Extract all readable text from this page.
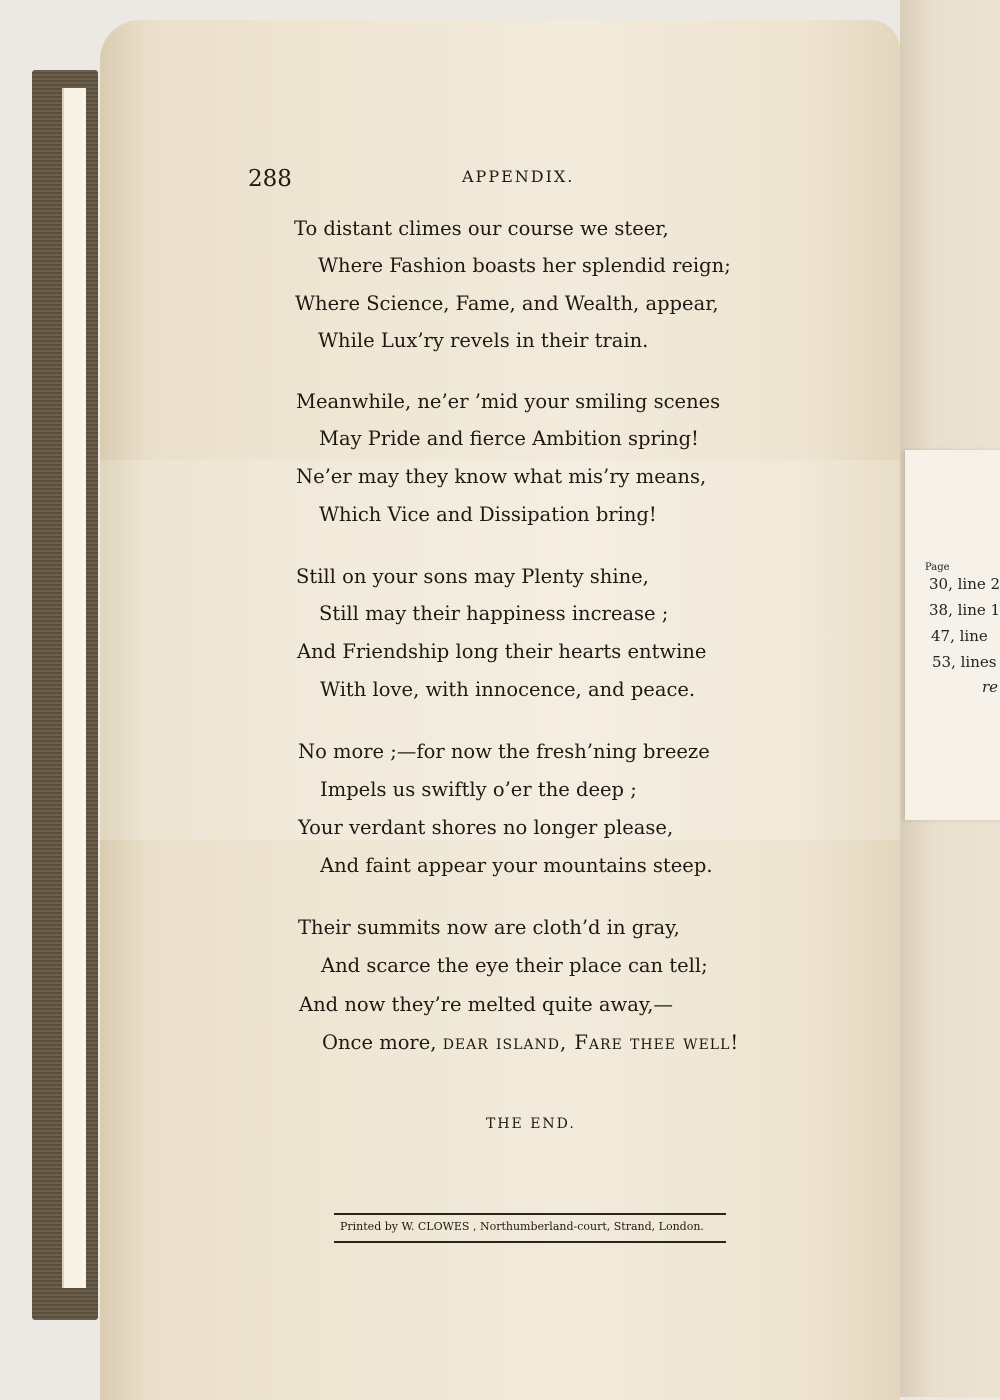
Page
30, line 2
38, line 1
47, line
53, lines
re
288	APPENDIX.
To distant climes our course we steer,
Where Fashion boasts her splendid reign;
Where Science, Fame, and Wealth, appear,
While Lux’ry revels in their train.
Meanwhile, ne’er ’mid your smiling scenes
May Pride and fierce Ambition spring!
Ne’er may they know what mis’ry means,
Which Vice and Dissipation bring!
Still on your sons may Plenty shine,
Still may their happiness increase ;
And Friendship long their hearts entwine
With love, with innocence, and peace.
No more ;—for now the fresh’ning breeze
Impels us swiftly o’er the deep ;
Your verdant shores no longer please,
And faint appear your mountains steep.
Their summits now are cloth’d in gray,
And scarce the eye their place can tell;
And now they’re melted quite away,—
Once more, dear island, Fare thee well!
THE END.
Printed by W. CLOWES , Northumberland-court, Strand, London.
